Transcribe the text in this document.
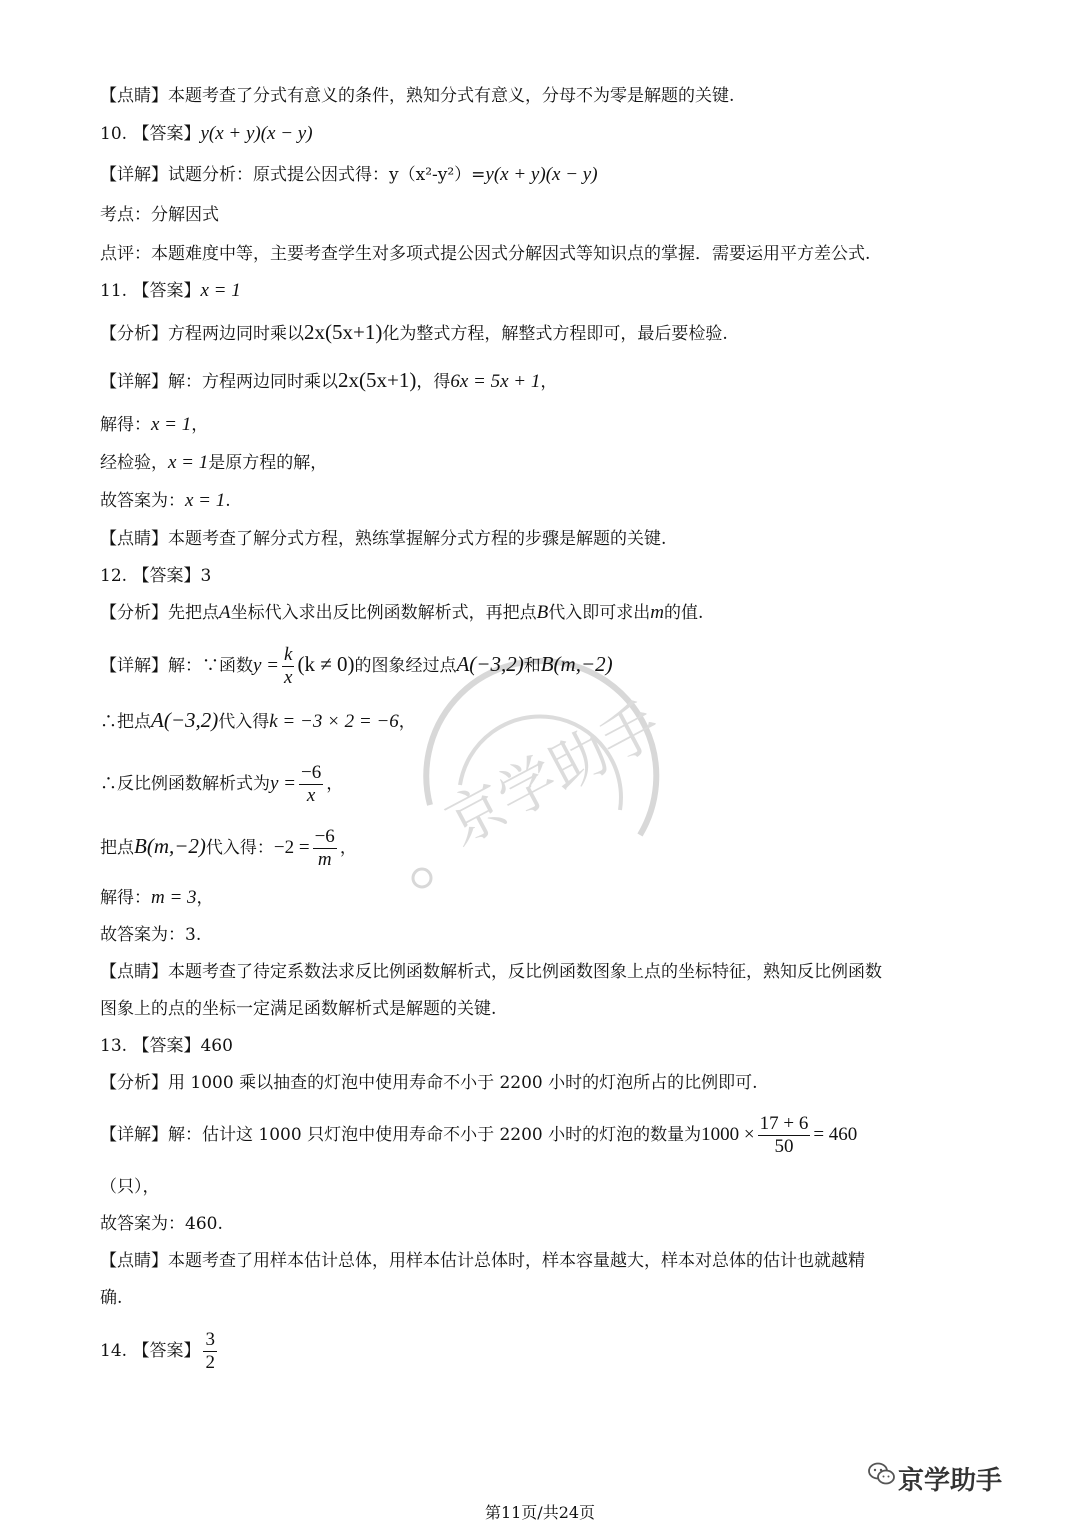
京学助手
【点睛】本题考查了分式有意义的条件，熟知分式有意义，分母不为零是解题的关键.
10. 【答案】y(x + y)(x − y)
【详解】试题分析：原式提公因式得：y（x²-y²）=y(x + y)(x − y)
考点：分解因式
点评：本题难度中等，主要考查学生对多项式提公因式分解因式等知识点的掌握．需要运用平方差公式.
11. 【答案】x = 1
【分析】方程两边同时乘以2x(5x+1)化为整式方程，解整式方程即可，最后要检验.
【详解】解：方程两边同时乘以2x(5x+1)，得6x = 5x + 1，
解得：x = 1，
经检验，x = 1是原方程的解，
故答案为：x = 1.
【点睛】本题考查了解分式方程，熟练掌握解分式方程的步骤是解题的关键.
12. 【答案】3
【分析】先把点A坐标代入求出反比例函数解析式，再把点B代入即可求出m的值.
【详解】解：∵函数$y = \frac{k}{x} (k \ne 0)$的图象经过点A(−3,2)和B(m,−2)
∴把点A(−3,2)代入得k = −3 × 2 = −6，
∴反比例函数解析式为$y = \frac{-6}{x}$ ，
把点B(m,−2)代入得：$-2 = \frac{-6}{m}$ ，
解得：m = 3，
故答案为：3.
【点睛】本题考查了待定系数法求反比例函数解析式，反比例函数图象上点的坐标特征，熟知反比例函数
图象上的点的坐标一定满足函数解析式是解题的关键.
13. 【答案】460
【分析】用 1000 乘以抽查的灯泡中使用寿命不小于 2200 小时的灯泡所占的比例即可.
【详解】解：估计这 1000 只灯泡中使用寿命不小于 2200 小时的灯泡的数量为$1000 \times \frac{17 + 6}{50} = 460$
（只），
故答案为：460.
【点睛】本题考查了用样本估计总体，用样本估计总体时，样本容量越大，样本对总体的估计也就越精
确.
14. 【答案】 $\frac{3}{2}$
京学助手
第11页/共24页
